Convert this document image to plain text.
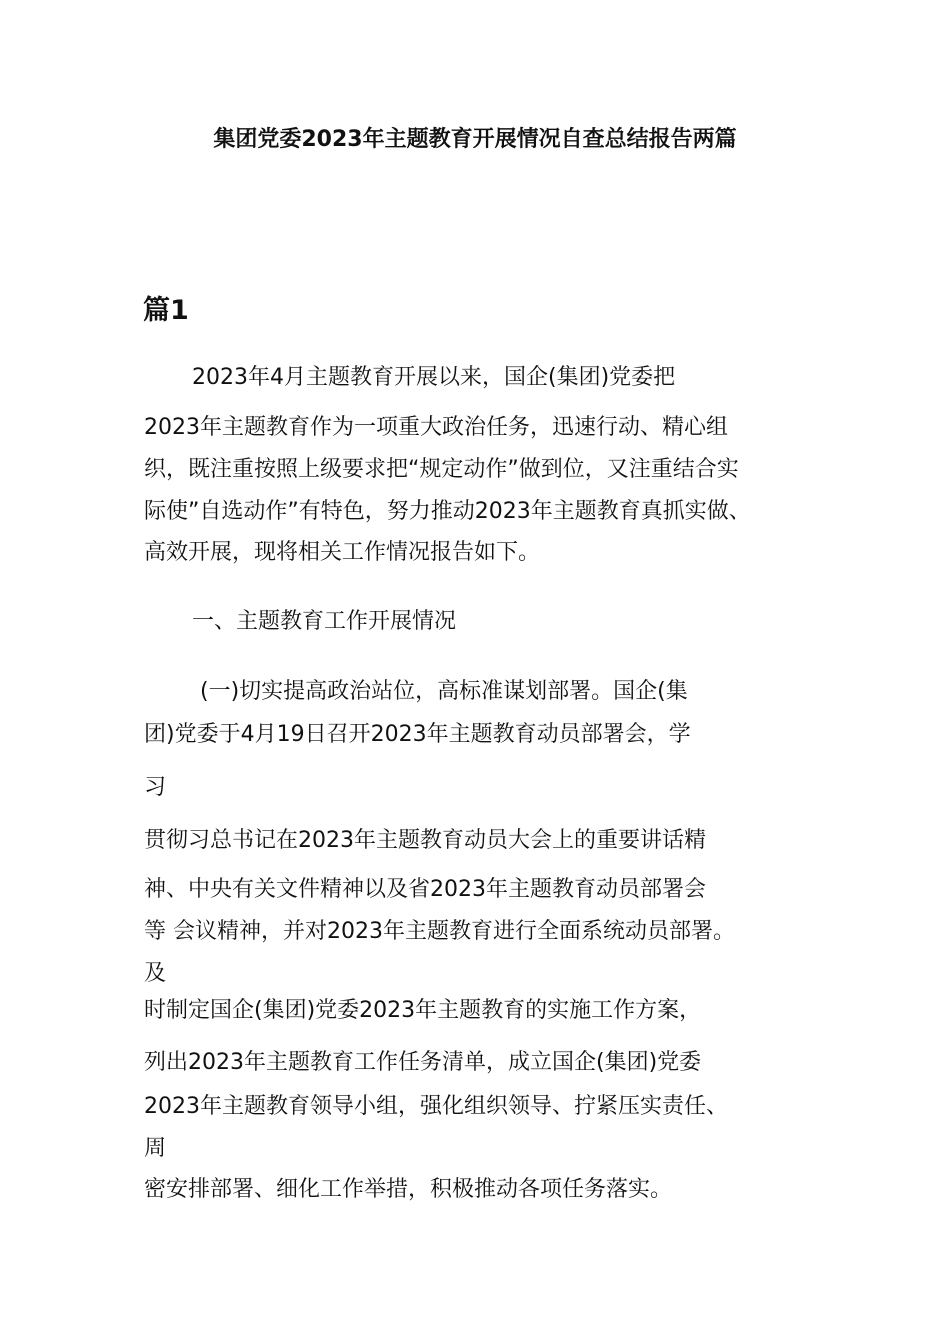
集团党委2023年主题教育开展情况自查总结报告两篇
篇1
2023年4月主题教育开展以来，国企(集团)党委把
2023年主题教育作为一项重大政治任务，迅速行动、精心组
织，既注重按照上级要求把“规定动作”做到位，又注重结合实
际使”自选动作”有特色，努力推动2023年主题教育真抓实做、
高效开展，现将相关工作情况报告如下。
一、主题教育工作开展情况
(一)切实提高政治站位，高标准谋划部署。国企(集
团)党委于4月19日召开2023年主题教育动员部署会，学
习
贯彻习总书记在2023年主题教育动员大会上的重要讲话精
神、中央有关文件精神以及省2023年主题教育动员部署会
等 会议精神，并对2023年主题教育进行全面系统动员部署。
及
时制定国企(集团)党委2023年主题教育的实施工作方案，
列出2023年主题教育工作任务清单，成立国企(集团)党委
2023年主题教育领导小组，强化组织领导、拧紧压实责任、
周
密安排部署、细化工作举措，积极推动各项任务落实。
